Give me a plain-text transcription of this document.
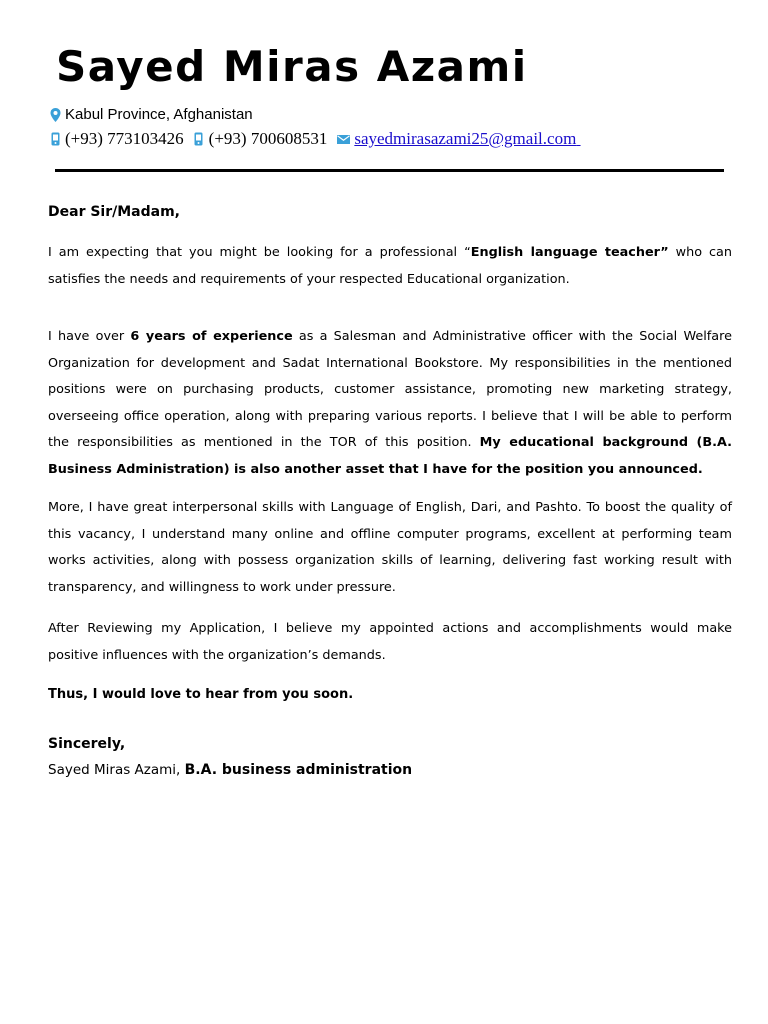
Sayed Miras Azami
Kabul Province, Afghanistan
(+93) 773103426 (+93) 700608531 sayedmirasazami25@gmail.com

Dear Sir/Madam,

I am expecting that you might be looking for a professional “English language teacher” who can satisfies the needs and requirements of your respected Educational organization.

I have over 6 years of experience as a Salesman and Administrative officer with the Social Welfare Organization for development and Sadat International Bookstore. My responsibilities in the mentioned positions were on purchasing products, customer assistance, promoting new marketing strategy, overseeing office operation, along with preparing various reports. I believe that I will be able to perform the responsibilities as mentioned in the TOR of this position. My educational background (B.A. Business Administration) is also another asset that I have for the position you announced.

More, I have great interpersonal skills with Language of English, Dari, and Pashto. To boost the quality of this vacancy, I understand many online and offline computer programs, excellent at performing team works activities, along with possess organization skills of learning, delivering fast working result with transparency, and willingness to work under pressure.

After Reviewing my Application, I believe my appointed actions and accomplishments would make positive influences with the organization’s demands.

Thus, I would love to hear from you soon.

Sincerely,

Sayed Miras Azami, B.A. business administration
